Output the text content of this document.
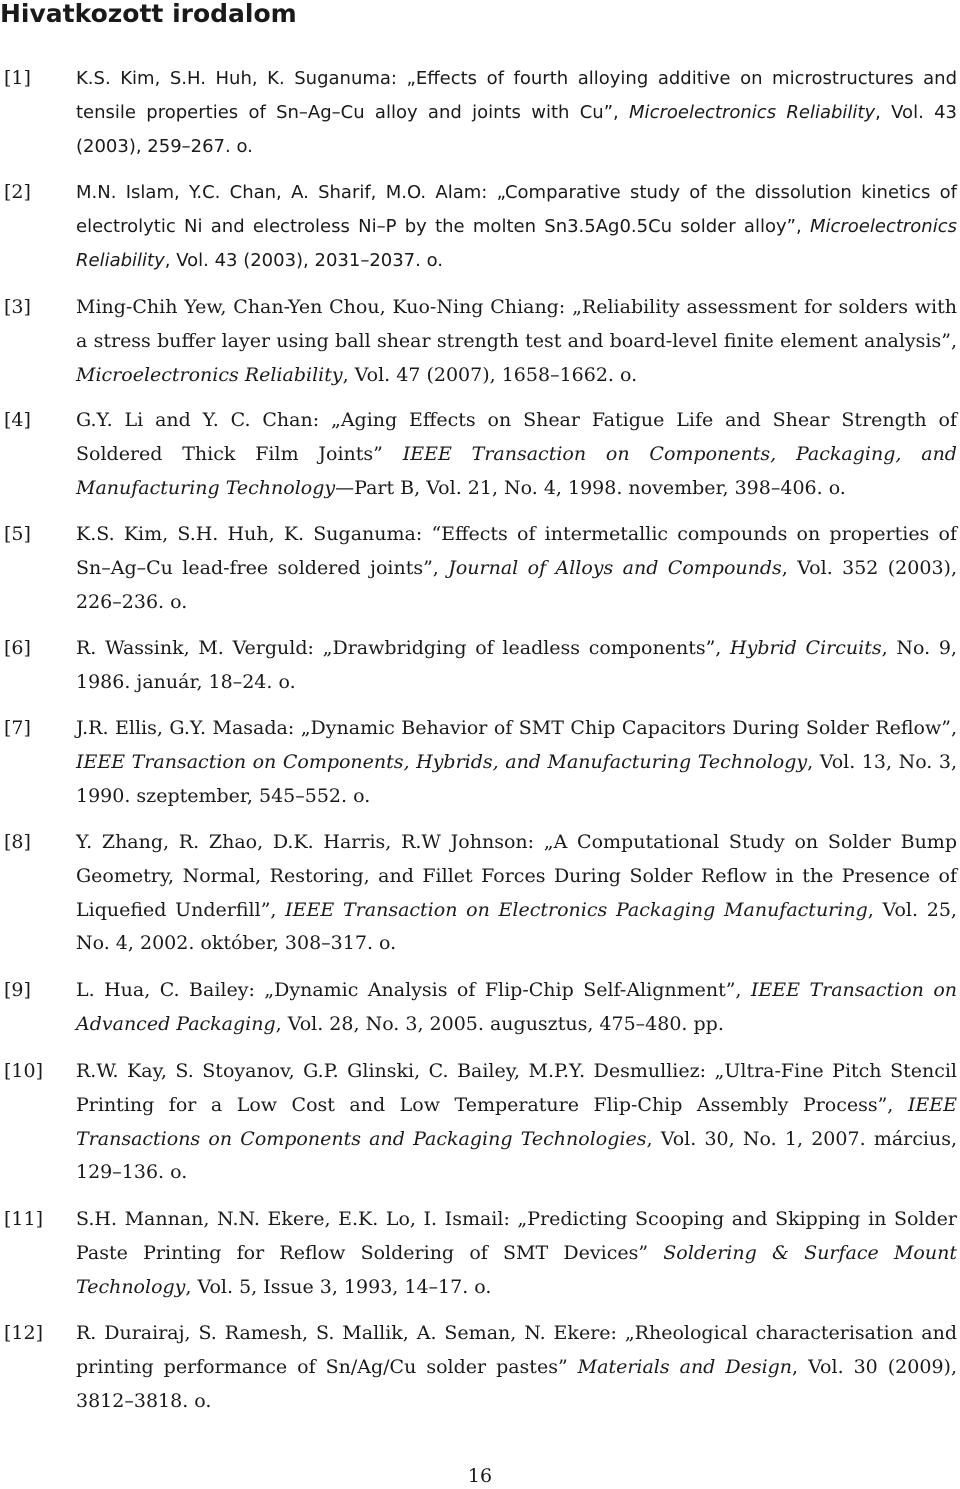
Hivatkozott irodalom
[1]	K.S. Kim, S.H. Huh, K. Suganuma: „Effects of fourth alloying additive on microstructures and tensile properties of Sn–Ag–Cu alloy and joints with Cu”, Microelectronics Reliability, Vol. 43 (2003), 259–267. o.
[2]	M.N. Islam, Y.C. Chan, A. Sharif, M.O. Alam: „Comparative study of the dissolution kinetics of electrolytic Ni and electroless Ni–P by the molten Sn3.5Ag0.5Cu solder alloy”, Microelectronics Reliability, Vol. 43 (2003), 2031–2037. o.
[3] Ming-Chih Yew, Chan-Yen Chou, Kuo-Ning Chiang: „Reliability assessment for solders with a stress buffer layer using ball shear strength test and board-level finite element analysis”, Microelectronics Reliability, Vol. 47 (2007), 1658–1662. o.
[4] G.Y. Li and Y. C. Chan: „Aging Effects on Shear Fatigue Life and Shear Strength of Soldered Thick Film Joints” IEEE Transaction on Components, Packaging, and Manufacturing Technology—Part B, Vol. 21, No. 4, 1998. november, 398–406. o.
[5] K.S. Kim, S.H. Huh, K. Suganuma: “Effects of intermetallic compounds on properties of Sn–Ag–Cu lead-free soldered joints”, Journal of Alloys and Compounds, Vol. 352 (2003), 226–236. o.
[6] R. Wassink, M. Verguld: „Drawbridging of leadless components”, Hybrid Circuits, No. 9, 1986. január, 18–24. o.
[7] J.R. Ellis, G.Y. Masada: „Dynamic Behavior of SMT Chip Capacitors During Solder Reflow”, IEEE Transaction on Components, Hybrids, and Manufacturing Technology, Vol. 13, No. 3, 1990. szeptember, 545–552. o.
[8] Y. Zhang, R. Zhao, D.K. Harris, R.W Johnson: „A Computational Study on Solder Bump Geometry, Normal, Restoring, and Fillet Forces During Solder Reflow in the Presence of Liquefied Underfill”, IEEE Transaction on Electronics Packaging Manufacturing, Vol. 25, No. 4, 2002. október, 308–317. o.
[9] L. Hua, C. Bailey: „Dynamic Analysis of Flip-Chip Self-Alignment”, IEEE Transaction on Advanced Packaging, Vol. 28, No. 3, 2005. augusztus, 475–480. pp.
[10] R.W. Kay, S. Stoyanov, G.P. Glinski, C. Bailey, M.P.Y. Desmulliez: „Ultra-Fine Pitch Stencil Printing for a Low Cost and Low Temperature Flip-Chip Assembly Process”, IEEE Transactions on Components and Packaging Technologies, Vol. 30, No. 1, 2007. március, 129–136. o.
[11] S.H. Mannan, N.N. Ekere, E.K. Lo, I. Ismail: „Predicting Scooping and Skipping in Solder Paste Printing for Reflow Soldering of SMT Devices” Soldering & Surface Mount Technology, Vol. 5, Issue 3, 1993, 14–17. o.
[12] R. Durairaj, S. Ramesh, S. Mallik, A. Seman, N. Ekere: „Rheological characterisation and printing performance of Sn/Ag/Cu solder pastes” Materials and Design, Vol. 30 (2009), 3812–3818. o.
16
